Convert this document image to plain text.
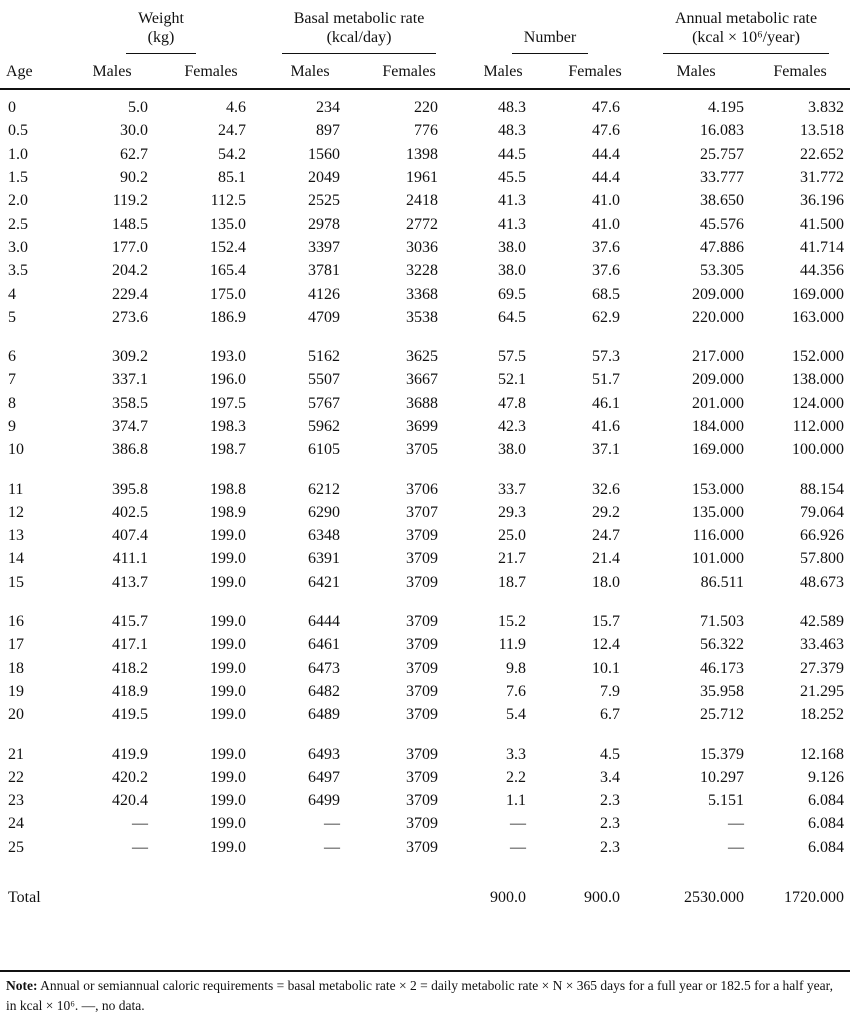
	Weight
(kg)		Basal metabolic rate
(kcal/day)		Number		Annual metabolic rate
(kcal × 10⁶/year)	
Age	Males	Females	Males	Females	Males	Females	Males	Females
0	5.0	4.6	234	220	48.3	47.6	4.195	3.832
0.5	30.0	24.7	897	776	48.3	47.6	16.083	13.518
1.0	62.7	54.2	1560	1398	44.5	44.4	25.757	22.652
1.5	90.2	85.1	2049	1961	45.5	44.4	33.777	31.772
2.0	119.2	112.5	2525	2418	41.3	41.0	38.650	36.196
2.5	148.5	135.0	2978	2772	41.3	41.0	45.576	41.500
3.0	177.0	152.4	3397	3036	38.0	37.6	47.886	41.714
3.5	204.2	165.4	3781	3228	38.0	37.6	53.305	44.356
4	229.4	175.0	4126	3368	69.5	68.5	209.000	169.000
5	273.6	186.9	4709	3538	64.5	62.9	220.000	163.000
6	309.2	193.0	5162	3625	57.5	57.3	217.000	152.000
7	337.1	196.0	5507	3667	52.1	51.7	209.000	138.000
8	358.5	197.5	5767	3688	47.8	46.1	201.000	124.000
9	374.7	198.3	5962	3699	42.3	41.6	184.000	112.000
10	386.8	198.7	6105	3705	38.0	37.1	169.000	100.000
11	395.8	198.8	6212	3706	33.7	32.6	153.000	88.154
12	402.5	198.9	6290	3707	29.3	29.2	135.000	79.064
13	407.4	199.0	6348	3709	25.0	24.7	116.000	66.926
14	411.1	199.0	6391	3709	21.7	21.4	101.000	57.800
15	413.7	199.0	6421	3709	18.7	18.0	86.511	48.673
16	415.7	199.0	6444	3709	15.2	15.7	71.503	42.589
17	417.1	199.0	6461	3709	11.9	12.4	56.322	33.463
18	418.2	199.0	6473	3709	9.8	10.1	46.173	27.379
19	418.9	199.0	6482	3709	7.6	7.9	35.958	21.295
20	419.5	199.0	6489	3709	5.4	6.7	25.712	18.252
21	419.9	199.0	6493	3709	3.3	4.5	15.379	12.168
22	420.2	199.0	6497	3709	2.2	3.4	10.297	9.126
23	420.4	199.0	6499	3709	1.1	2.3	5.151	6.084
24	—	199.0	—	3709	—	2.3	—	6.084
25	—	199.0	—	3709	—	2.3	—	6.084
Total					900.0	900.0	2530.000	1720.000
Note: Annual or semiannual caloric requirements = basal metabolic rate × 2 = daily metabolic rate × N × 365 days for a full year or 182.5 for a half year, in kcal × 10⁶. —, no data.
